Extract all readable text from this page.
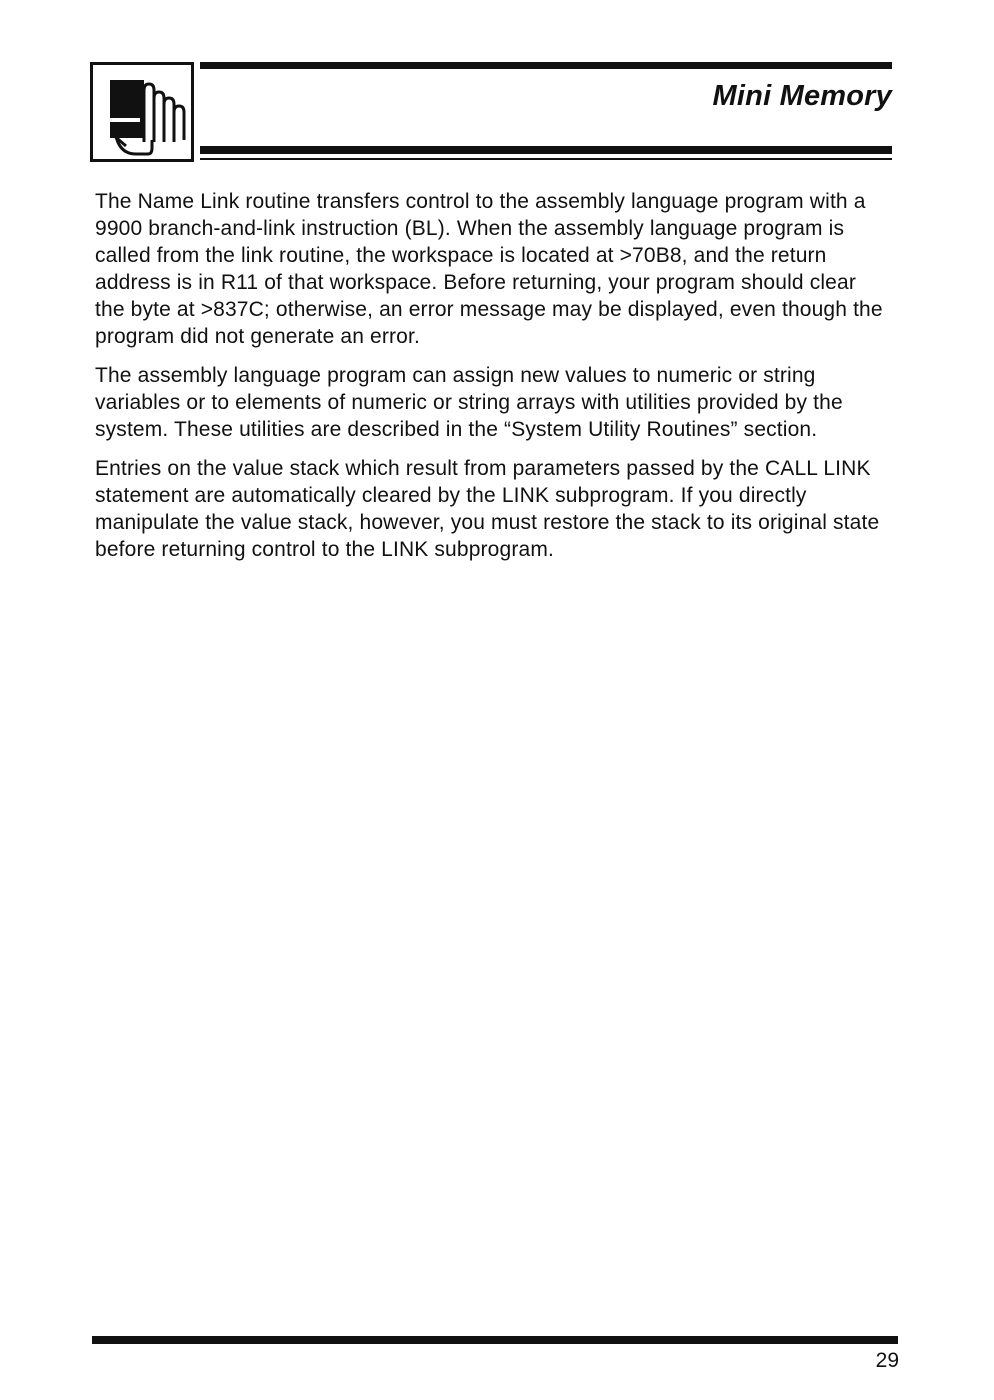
Mini Memory

The Name Link routine transfers control to the assembly language program with a 9900 branch-and-link instruction (BL). When the assembly language program is called from the link routine, the workspace is located at >70B8, and the return address is in R11 of that workspace. Before returning, your program should clear the byte at >837C; otherwise, an error message may be displayed, even though the program did not generate an error.

The assembly language program can assign new values to numeric or string variables or to elements of numeric or string arrays with utilities provided by the system. These utilities are described in the “System Utility Routines” section.

Entries on the value stack which result from parameters passed by the CALL LINK statement are automatically cleared by the LINK subprogram. If you directly manipulate the value stack, however, you must restore the stack to its original state before returning control to the LINK subprogram.

29
